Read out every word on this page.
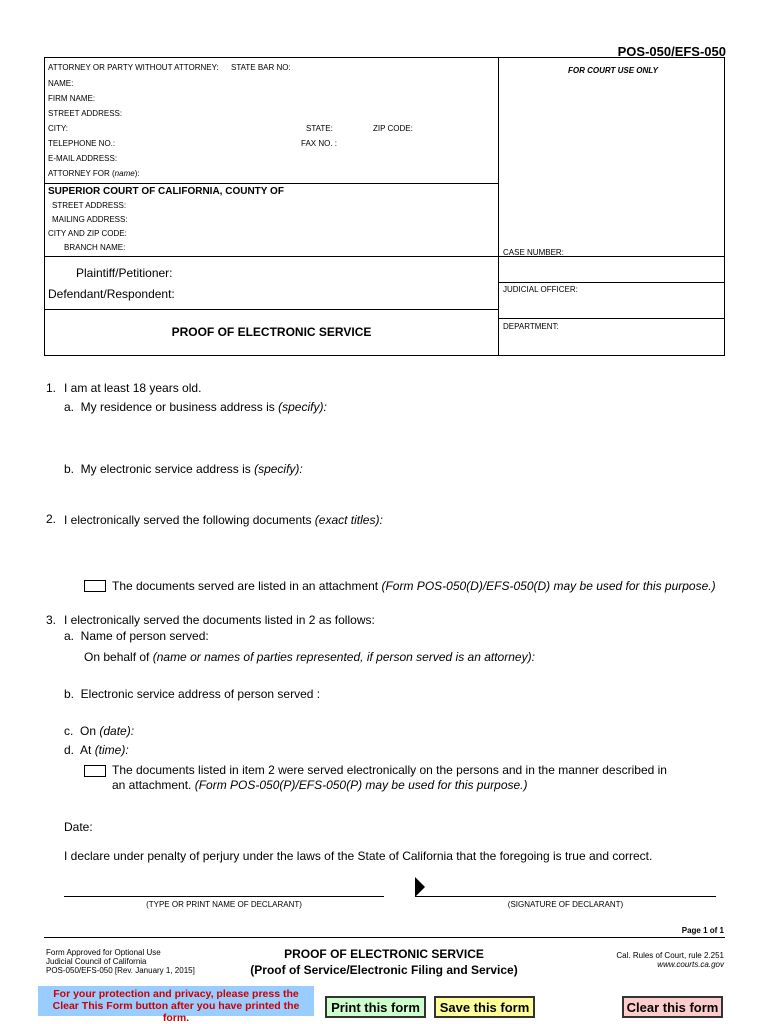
POS-050/EFS-050
ATTORNEY OR PARTY WITHOUT ATTORNEY: STATE BAR NO:	FOR COURT USE ONLY
NAME:
FIRM NAME:
STREET ADDRESS:
CITY:	STATE:	ZIP CODE:
TELEPHONE NO.:	FAX NO. :
E-MAIL ADDRESS:
ATTORNEY FOR (name):
SUPERIOR COURT OF CALIFORNIA, COUNTY OF
STREET ADDRESS:
MAILING ADDRESS:
CITY AND ZIP CODE:
BRANCH NAME:
Plaintiff/Petitioner:
Defendant/Respondent:
CASE NUMBER:
JUDICIAL OFFICER:
DEPARTMENT:
PROOF OF ELECTRONIC SERVICE
1. I am at least 18 years old.
a.  My residence or business address is (specify):
b.  My electronic service address is (specify):
2. I electronically served the following documents (exact titles):
The documents served are listed in an attachment (Form POS-050(D)/EFS-050(D) may be used for this purpose.)
3. I electronically served the documents listed in 2 as follows:
a.  Name of person served:
On behalf of (name or names of parties represented, if person served is an attorney):
b.  Electronic service address of person served :
c.  On (date):
d.  At (time):
The documents listed in item 2 were served electronically on the persons and in the manner described in
an attachment. (Form POS-050(P)/EFS-050(P) may be used for this purpose.)
Date:
I declare under penalty of perjury under the laws of the State of California that the foregoing is true and correct.
(TYPE OR PRINT NAME OF DECLARANT)	(SIGNATURE OF DECLARANT)
Page 1 of 1
Form Approved for Optional Use
Judicial Council of California
POS-050/EFS-050 [Rev. January 1, 2015]
PROOF OF ELECTRONIC SERVICE
(Proof of Service/Electronic Filing and Service)
Cal. Rules of Court, rule 2.251
www.courts.ca.gov
For your protection and privacy, please press the Clear This Form button after you have printed the form.
Print this form	Save this form	Clear this form
